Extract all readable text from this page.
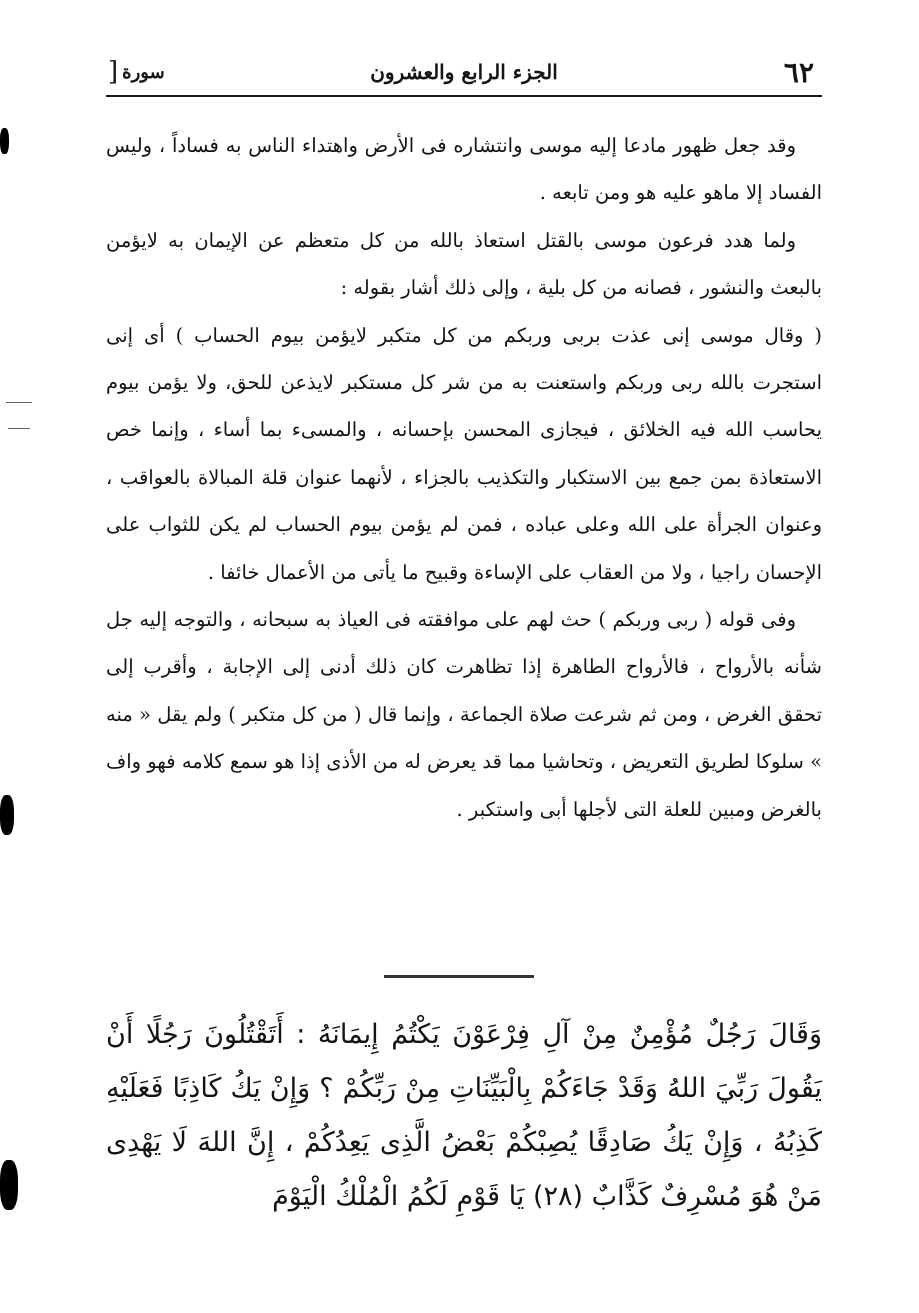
٦٢
الجزء الرابع والعشرون
سورة
[

وقد جعل ظهور مادعا إليه موسى وانتشاره فى الأرض واهتداء الناس به فساداً ، وليس الفساد إلا ماهو عليه هو ومن تابعه .

ولما هدد فرعون موسى بالقتل استعاذ بالله من كل متعظم عن الإيمان به لايؤمن بالبعث والنشور ، فصانه من كل بلية ، وإلى ذلك أشار بقوله :

( وقال موسى إنى عذت بربى وربكم من كل متكبر لايؤمن بيوم الحساب ) أى إنى استجرت بالله ربى وربكم واستعنت به من شر كل مستكبر لايذعن للحق، ولا يؤمن بيوم يحاسب الله فيه الخلائق ، فيجازى المحسن بإحسانه ، والمسىء بما أساء ، وإنما خص الاستعاذة بمن جمع بين الاستكبار والتكذيب بالجزاء ، لأنهما عنوان قلة المبالاة بالعواقب ، وعنوان الجرأة على الله وعلى عباده ، فمن لم يؤمن بيوم الحساب لم يكن للثواب على الإحسان راجيا ، ولا من العقاب على الإساءة وقبيح ما يأتى من الأعمال خائفا .

وفى قوله ( ربى وربكم ) حث لهم على موافقته فى العياذ به سبحانه ، والتوجه إليه جل شأنه بالأرواح ، فالأرواح الطاهرة إذا تظاهرت كان ذلك أدنى إلى الإجابة ، وأقرب إلى تحقق الغرض ، ومن ثم شرعت صلاة الجماعة ، وإنما قال ( من كل متكبر ) ولم يقل « منه » سلوكا لطريق التعريض ، وتحاشيا مما قد يعرض له من الأذى إذا هو سمع كلامه فهو واف بالغرض ومبين للعلة التى لأجلها أبى واستكبر .

وَقَالَ رَجُلٌ مُؤْمِنٌ مِنْ آلِ فِرْعَوْنَ يَكْتُمُ إِيمَانَهُ : أَتَقْتُلُونَ رَجُلًا أَنْ يَقُولَ رَبِّيَ اللهُ وَقَدْ جَاءَكُمْ بِالْبَيِّنَاتِ مِنْ رَبِّكُمْ ؟ وَإِنْ يَكُ كَاذِبًا فَعَلَيْهِ كَذِبُهُ ، وَإِنْ يَكُ صَادِقًا يُصِبْكُمْ بَعْضُ الَّذِى يَعِدُكُمْ ، إِنَّ اللهَ لَا يَهْدِى مَنْ هُوَ مُسْرِفٌ كَذَّابٌ (٢٨) يَا قَوْمِ لَكُمُ الْمُلْكُ الْيَوْمَ
